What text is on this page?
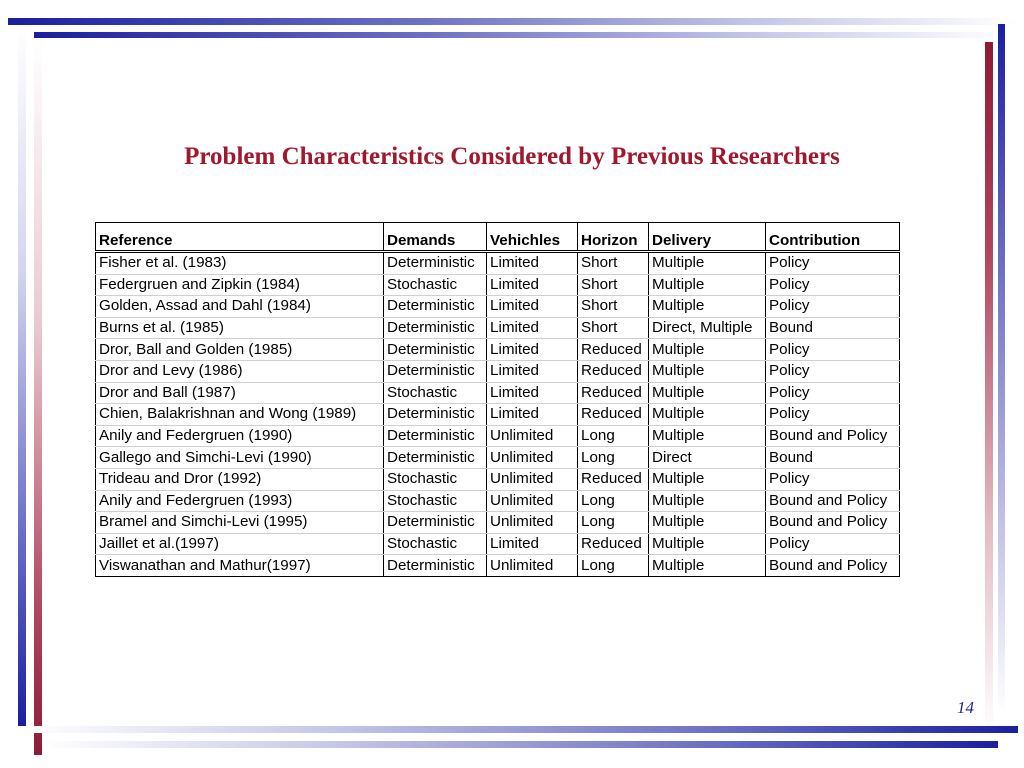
Problem Characteristics Considered by Previous Researchers
Reference	Demands	Vehichles	Horizon	Delivery	Contribution
Fisher et al. (1983)	Deterministic	Limited	Short	Multiple	Policy
Federgruen and Zipkin (1984)	Stochastic	Limited	Short	Multiple	Policy
Golden, Assad and Dahl (1984)	Deterministic	Limited	Short	Multiple	Policy
Burns et al. (1985)	Deterministic	Limited	Short	Direct, Multiple	Bound
Dror, Ball and Golden (1985)	Deterministic	Limited	Reduced	Multiple	Policy
Dror and Levy (1986)	Deterministic	Limited	Reduced	Multiple	Policy
Dror and Ball (1987)	Stochastic	Limited	Reduced	Multiple	Policy
Chien, Balakrishnan and Wong (1989)	Deterministic	Limited	Reduced	Multiple	Policy
Anily and Federgruen (1990)	Deterministic	Unlimited	Long	Multiple	Bound and Policy
Gallego and Simchi-Levi (1990)	Deterministic	Unlimited	Long	Direct	Bound
Trideau and Dror (1992)	Stochastic	Unlimited	Reduced	Multiple	Policy
Anily and Federgruen (1993)	Stochastic	Unlimited	Long	Multiple	Bound and Policy
Bramel and Simchi-Levi (1995)	Deterministic	Unlimited	Long	Multiple	Bound and Policy
Jaillet et al.(1997)	Stochastic	Limited	Reduced	Multiple	Policy
Viswanathan and Mathur(1997)	Deterministic	Unlimited	Long	Multiple	Bound and Policy
14
